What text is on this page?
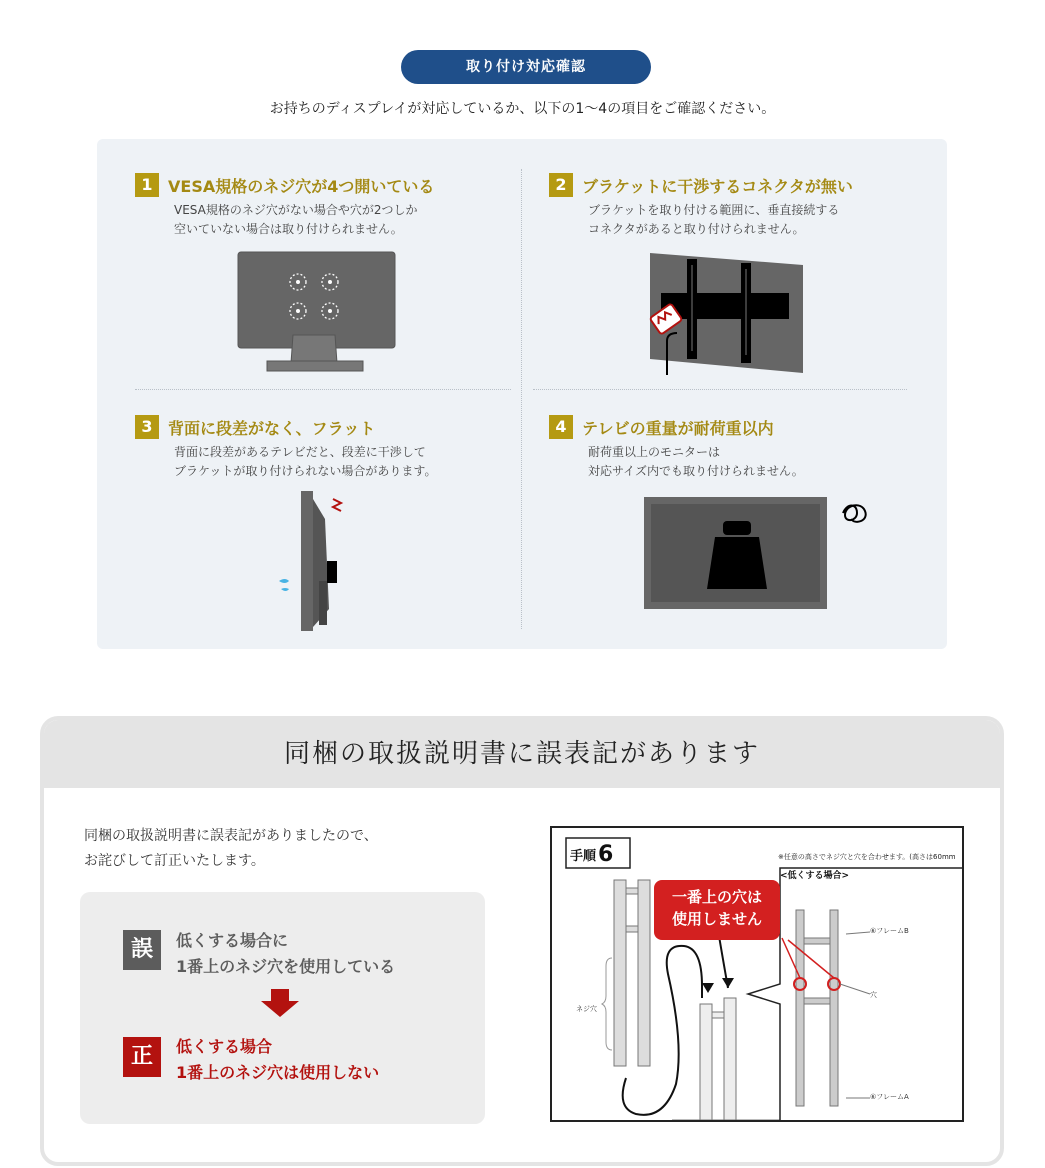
取り付け対応確認
お持ちのディスプレイが対応しているか、以下の1〜4の項目をご確認ください。
1 VESA規格のネジ穴が4つ開いている
VESA規格のネジ穴がない場合や穴が2つしか
空いていない場合は取り付けられません。
2 ブラケットに干渉するコネクタが無い
ブラケットを取り付ける範囲に、垂直接続する
コネクタがあると取り付けられません。
3 背面に段差がなく、フラット
背面に段差があるテレビだと、段差に干渉して
ブラケットが取り付けられない場合があります。
4 テレビの重量が耐荷重以内
耐荷重以上のモニターは
対応サイズ内でも取り付けられません。
同梱の取扱説明書に誤表記があります
同梱の取扱説明書に誤表記がありましたので、
お詫びして訂正いたします。
誤	低くする場合に
1番上のネジ穴を使用している
正	低くする場合
1番上のネジ穴は使用しない
手順 6	※任意の高さでネジ穴と穴を合わせます。(高さは60mm
<低くする場合>
一番上の穴は
使用しません
ネジ穴
⑥フレームB
穴
⑥フレームA
